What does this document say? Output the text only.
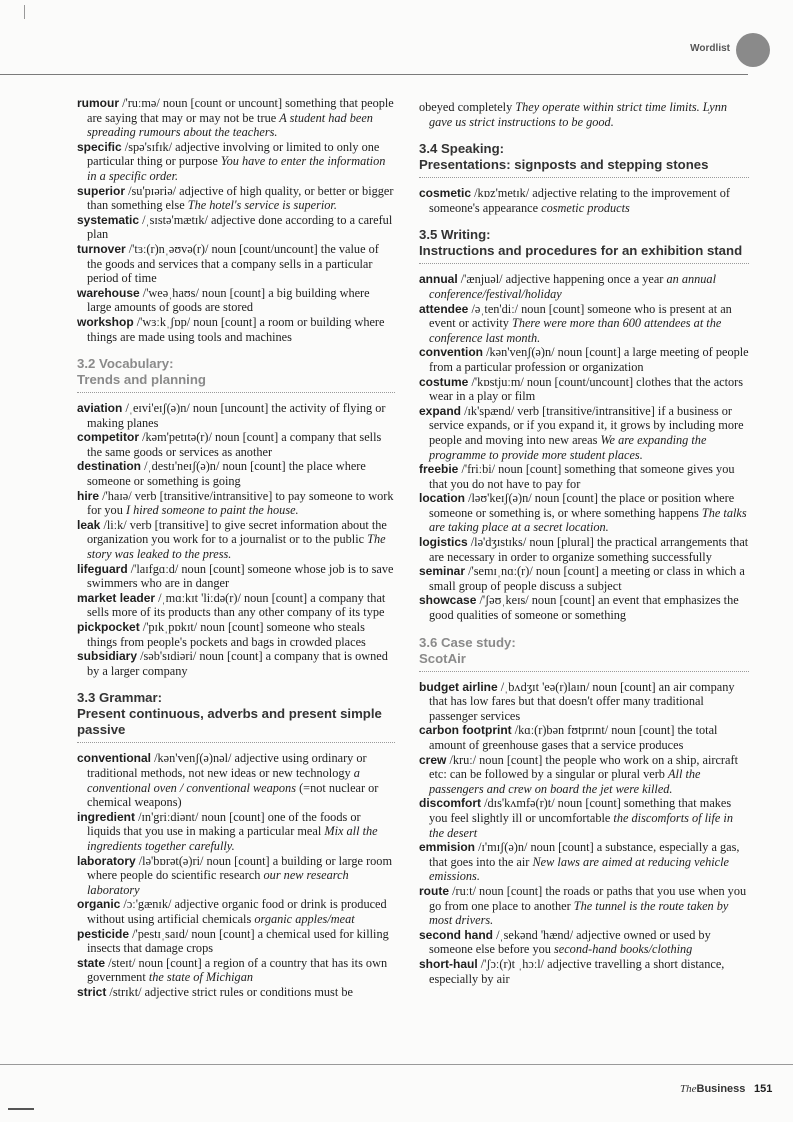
Wordlist

rumour /'ruːmə/ noun [count or uncount] something that people are saying that may or may not be true A student had been spreading rumours about the teachers.

specific /spə'sɪfɪk/ adjective involving or limited to only one particular thing or purpose You have to enter the information in a specific order.

superior /su'pɪəriə/ adjective of high quality, or better or bigger than something else The hotel's service is superior.

systematic /ˌsɪstə'mætɪk/ adjective done according to a careful plan

turnover /'tɜː(r)nˌəʊvə(r)/ noun [count/uncount] the value of the goods and services that a company sells in a particular period of time

warehouse /'weəˌhaʊs/ noun [count] a big building where large amounts of goods are stored

workshop /'wɜːkˌʃɒp/ noun [count] a room or building where things are made using tools and machines

3.2 Vocabulary:
Trends and planning

aviation /ˌeɪvi'eɪʃ(ə)n/ noun [uncount] the activity of flying or making planes

competitor /kəm'petɪtə(r)/ noun [count] a company that sells the same goods or services as another

destination /ˌdestɪ'neɪʃ(ə)n/ noun [count] the place where someone or something is going

hire /'haɪə/ verb [transitive/intransitive] to pay someone to work for you I hired someone to paint the house.

leak /liːk/ verb [transitive] to give secret information about the organization you work for to a journalist or to the public The story was leaked to the press.

lifeguard /'laɪfgɑːd/ noun [count] someone whose job is to save swimmers who are in danger

market leader /ˌmɑːkɪt 'liːdə(r)/ noun [count] a company that sells more of its products than any other company of its type

pickpocket /'pɪkˌpɒkɪt/ noun [count] someone who steals things from people's pockets and bags in crowded places

subsidiary /səb'sɪdiəri/ noun [count] a company that is owned by a larger company

3.3 Grammar:
Present continuous, adverbs and present simple passive

conventional /kən'venʃ(ə)nəl/ adjective using ordinary or traditional methods, not new ideas or new technology a conventional oven / conventional weapons (=not nuclear or chemical weapons)

ingredient /ɪn'griːdiənt/ noun [count] one of the foods or liquids that you use in making a particular meal Mix all the ingredients together carefully.

laboratory /lə'bɒrət(ə)ri/ noun [count] a building or large room where people do scientific research our new research laboratory

organic /ɔː'gænɪk/ adjective organic food or drink is produced without using artificial chemicals organic apples/meat

pesticide /'pestɪˌsaɪd/ noun [count] a chemical used for killing insects that damage crops

state /steɪt/ noun [count] a region of a country that has its own government the state of Michigan

strict /strɪkt/ adjective strict rules or conditions must be

obeyed completely They operate within strict time limits. Lynn gave us strict instructions to be good.

3.4 Speaking:
Presentations: signposts and stepping stones

cosmetic /kɒz'metɪk/ adjective relating to the improvement of someone's appearance cosmetic products

3.5 Writing:
Instructions and procedures for an exhibition stand

annual /'ænjuəl/ adjective happening once a year an annual conference/festival/holiday

attendee /əˌten'diː/ noun [count] someone who is present at an event or activity There were more than 600 attendees at the conference last month.

convention /kən'venʃ(ə)n/ noun [count] a large meeting of people from a particular profession or organization

costume /'kɒstjuːm/ noun [count/uncount] clothes that the actors wear in a play or film

expand /ɪk'spænd/ verb [transitive/intransitive] if a business or service expands, or if you expand it, it grows by including more people and moving into new areas We are expanding the programme to provide more student places.

freebie /'friːbi/ noun [count] something that someone gives you that you do not have to pay for

location /ləʊ'keɪʃ(ə)n/ noun [count] the place or position where someone or something is, or where something happens The talks are taking place at a secret location.

logistics /lə'dʒɪstɪks/ noun [plural] the practical arrangements that are necessary in order to organize something successfully

seminar /'semɪˌnɑː(r)/ noun [count] a meeting or class in which a small group of people discuss a subject

showcase /'ʃəʊˌkeɪs/ noun [count] an event that emphasizes the good qualities of someone or something

3.6 Case study:
ScotAir

budget airline /ˌbʌdʒɪt 'eə(r)laɪn/ noun [count] an air company that has low fares but that doesn't offer many traditional passenger services

carbon footprint /kɑː(r)bən fʊtprɪnt/ noun [count] the total amount of greenhouse gases that a service produces

crew /kruː/ noun [count] the people who work on a ship, aircraft etc: can be followed by a singular or plural verb All the passengers and crew on board the jet were killed.

discomfort /dɪs'kʌmfə(r)t/ noun [count] something that makes you feel slightly ill or uncomfortable the discomforts of life in the desert

emmision /ɪ'mɪʃ(ə)n/ noun [count] a substance, especially a gas, that goes into the air New laws are aimed at reducing vehicle emissions.

route /ruːt/ noun [count] the roads or paths that you use when you go from one place to another The tunnel is the route taken by most drivers.

second hand /ˌsekənd 'hænd/ adjective owned or used by someone else before you second-hand books/clothing

short-haul /'ʃɔː(r)t ˌhɔːl/ adjective travelling a short distance, especially by air

TheBusiness 151
